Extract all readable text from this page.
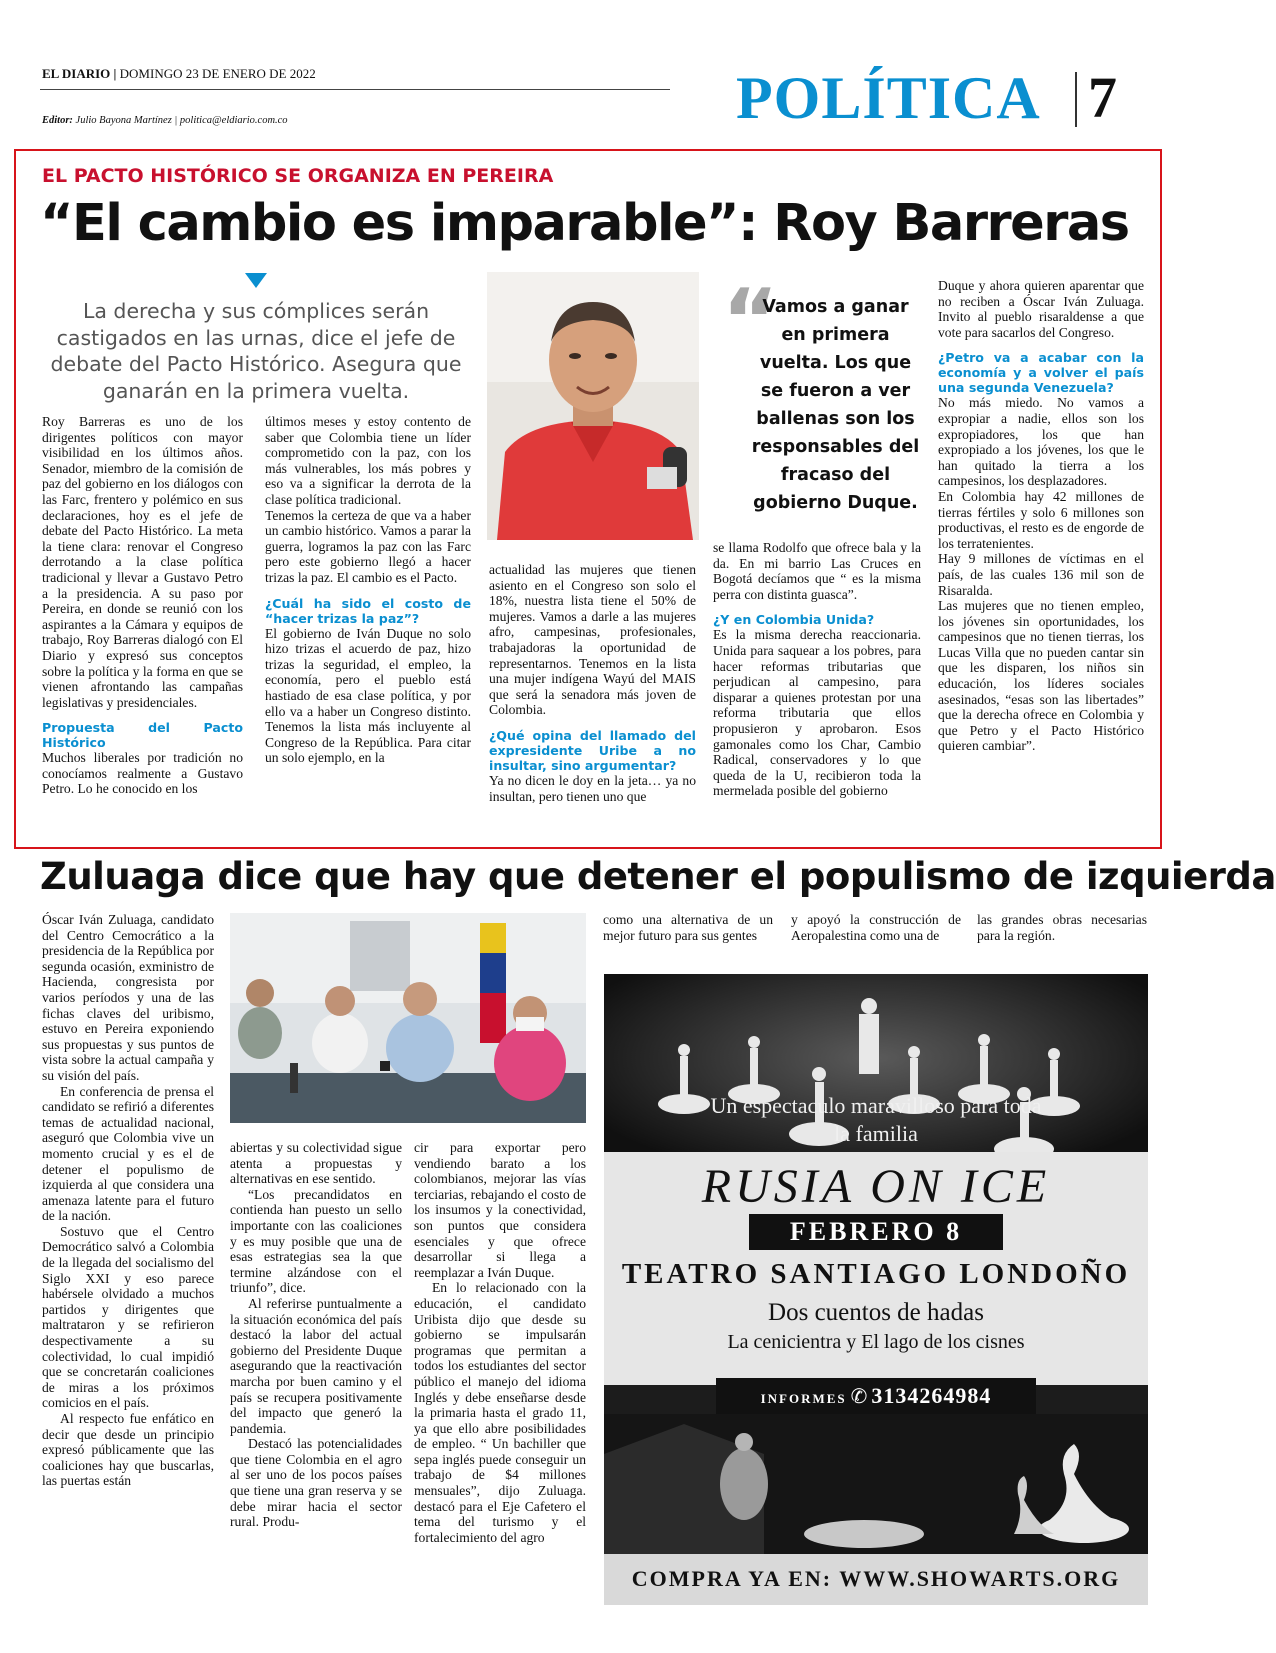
EL DIARIO | DOMINGO 23 DE ENERO DE 2022
Editor: Julio Bayona Martínez | politica@eldiario.com.co	POLÍTICA 7
EL PACTO HISTÓRICO SE ORGANIZA EN PEREIRA
“El cambio es imparable”: Roy Barreras
La derecha y sus cómplices serán castigados en las urnas, dice el jefe de debate del Pacto Histórico. Asegura que ganarán en la primera vuelta.
“
Vamos a ganar en primera vuelta. Los que se fueron a ver ballenas son los responsables del fracaso del gobierno Duque.

Roy Barreras es uno de los dirigentes políticos con mayor visibilidad en los últimos años. Senador, miembro de la comisión de paz del gobierno en los diálogos con las Farc, frentero y polémico en sus declaraciones, hoy es el jefe de debate del Pacto Histórico. La meta la tiene clara: renovar el Congreso derrotando a la clase política tradicional y llevar a Gustavo Petro a la presidencia. A su paso por Pereira, en donde se reunió con los aspirantes a la Cámara y equipos de trabajo, Roy Barreras dialogó con El Diario y expresó sus conceptos sobre la política y la forma en que se vienen afrontando las campañas legislativas y presidenciales.

Propuesta del Pacto Histórico

Muchos liberales por tradición no conocíamos realmente a Gustavo Petro. Lo he conocido en los

últimos meses y estoy contento de saber que Colombia tiene un líder comprometido con la paz, con los más vulnerables, los más pobres y eso va a significar la derrota de la clase política tradicional.

Tenemos la certeza de que va a haber un cambio histórico. Vamos a parar la guerra, logramos la paz con las Farc pero este gobierno llegó a hacer trizas la paz. El cambio es el Pacto.

¿Cuál ha sido el costo de “hacer trizas la paz”?

El gobierno de Iván Duque no solo hizo trizas el acuerdo de paz, hizo trizas la seguridad, el empleo, la economía, pero el pueblo está hastiado de esa clase política, y por ello va a haber un Congreso distinto. Tenemos la lista más incluyente al Congreso de la República. Para citar un solo ejemplo, en la

actualidad las mujeres que tienen asiento en el Congreso son solo el 18%, nuestra lista tiene el 50% de mujeres. Vamos a darle a las mujeres afro, campesinas, profesionales, trabajadoras la oportunidad de representarnos. Tenemos en la lista una mujer indígena Wayú del MAIS que será la senadora más joven de Colombia.

¿Qué opina del llamado del expresidente Uribe a no insultar, sino argumentar?

Ya no dicen le doy en la jeta… ya no insultan, pero tienen uno que

se llama Rodolfo que ofrece bala y la da. En mi barrio Las Cruces en Bogotá decíamos que “ es la misma perra con distinta guasca”.

¿Y en Colombia Unida?

Es la misma derecha reaccionaria. Unida para saquear a los pobres, para hacer reformas tributarias que perjudican al campesino, para disparar a quienes protestan por una reforma tributaria que ellos propusieron y aprobaron. Esos gamonales como los Char, Cambio Radical, conservadores y lo que queda de la U, recibieron toda la mermelada posible del gobierno

Duque y ahora quieren aparentar que no reciben a Óscar Iván Zuluaga. Invito al pueblo risaraldense a que vote para sacarlos del Congreso.

¿Petro va a acabar con la economía y a volver el país una segunda Venezuela?

No más miedo. No vamos a expropiar a nadie, ellos son los expropiadores, los que han expropiado a los jóvenes, los que le han quitado la tierra a los campesinos, los desplazadores.

En Colombia hay 42 millones de tierras fértiles y solo 6 millones son productivas, el resto es de engorde de los terratenientes.

Hay 9 millones de víctimas en el país, de las cuales 136 mil son de Risaralda.

Las mujeres que no tienen empleo, los jóvenes sin oportunidades, los campesinos que no tienen tierras, los Lucas Villa que no pueden cantar sin que les disparen, los niños sin educación, los líderes sociales asesinados, “esas son las libertades” que la derecha ofrece en Colombia y que Petro y el Pacto Histórico quieren cambiar”.

Zuluaga dice que hay que detener el populismo de izquierda

Óscar Iván Zuluaga, candidato del Centro Cemocrático a la presidencia de la República por segunda ocasión, exministro de Hacienda, congresista por varios períodos y una de las fichas claves del uribismo, estuvo en Pereira exponiendo sus propuestas y sus puntos de vista sobre la actual campaña y su visión del país.

En conferencia de prensa el candidato se refirió a diferentes temas de actualidad nacional, aseguró que Colombia vive un momento crucial y es el de detener el populismo de izquierda al que considera una amenaza latente para el futuro de la nación.

Sostuvo que el Centro Democrático salvó a Colombia de la llegada del socialismo del Siglo XXI y eso parece habérsele olvidado a muchos partidos y dirigentes que maltrataron y se refirieron despectivamente a su colectividad, lo cual impidió que se concretarán coaliciones de miras a los próximos comicios en el país.

Al respecto fue enfático en decir que desde un principio expresó públicamente que las coaliciones hay que buscarlas, las puertas están

abiertas y su colectividad sigue atenta a propuestas y alternativas en ese sentido.

“Los precandidatos en contienda han puesto un sello importante con las coaliciones y es muy posible que una de esas estrategias sea la que termine alzándose con el triunfo”, dice.

Al referirse puntualmente a la situación económica del país destacó la labor del actual gobierno del Presidente Duque asegurando que la reactivación marcha por buen camino y el país se recupera positivamente del impacto que generó la pandemia.

Destacó las potencialidades que tiene Colombia en el agro al ser uno de los pocos países que tiene una gran reserva y se debe mirar hacia el sector rural. Produ-

cir para exportar pero vendiendo barato a los colombianos, mejorar las vías terciarias, rebajando el costo de los insumos y la conectividad, son puntos que considera esenciales y que ofrece desarrollar si llega a reemplazar a Iván Duque.

En lo relacionado con la educación, el candidato Uribista dijo que desde su gobierno se impulsarán programas que permitan a todos los estudiantes del sector público el manejo del idioma Inglés y debe enseñarse desde la primaria hasta el grado 11, ya que ello abre posibilidades de empleo. “ Un bachiller que sepa inglés puede conseguir un trabajo de $4 millones mensuales”, dijo Zuluaga. destacó para el Eje Cafetero el tema del turismo y el fortalecimiento del agro

como una alternativa de un mejor futuro para sus gentes
y apoyó la construcción de Aeropalestina como una de
las grandes obras necesarias para la región.
Un espectaculo maravilloso para toda la familia
RUSIA ON ICE
FEBRERO 8
TEATRO SANTIAGO LONDOÑO
Dos cuentos de hadas
La cenicientra y El lago de los cisnes
INFORMES ✆ 3134264984
COMPRA YA EN: WWW.SHOWARTS.ORG
